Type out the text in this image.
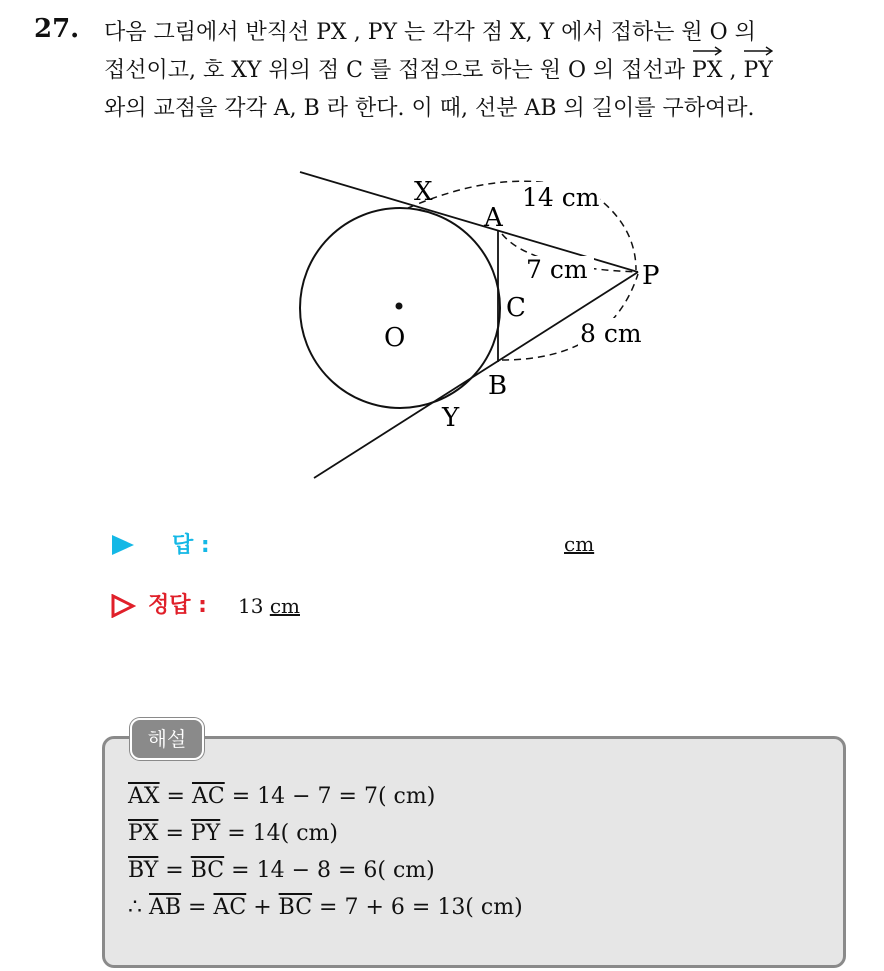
27. 다음 그림에서 반직선 PX , PY 는 각각 점 X, Y 에서 접하는 원 O 의
접선이고, 호 XY 위의 점 C 를 접점으로 하는 원 O 의 접선과
PX ,
PY
와의 교점을 각각 A, B 라 한다. 이 때, 선분 AB 의 길이를 구하여라.
X
A
P
C
O
B
Y
14 cm
7 cm
8 cm
답 :	cm
정답 : 13 cm
해설
$\overline{AX} = \overline{AC} = 14 - 7 = 7$( cm)
$\overline{PX} = \overline{PY} = 14$( cm)
$\overline{BY} = \overline{BC} = 14 - 8 = 6$( cm)
∴ $\overline{AB} = \overline{AC} + \overline{BC} = 7 + 6 = 13$( cm)
